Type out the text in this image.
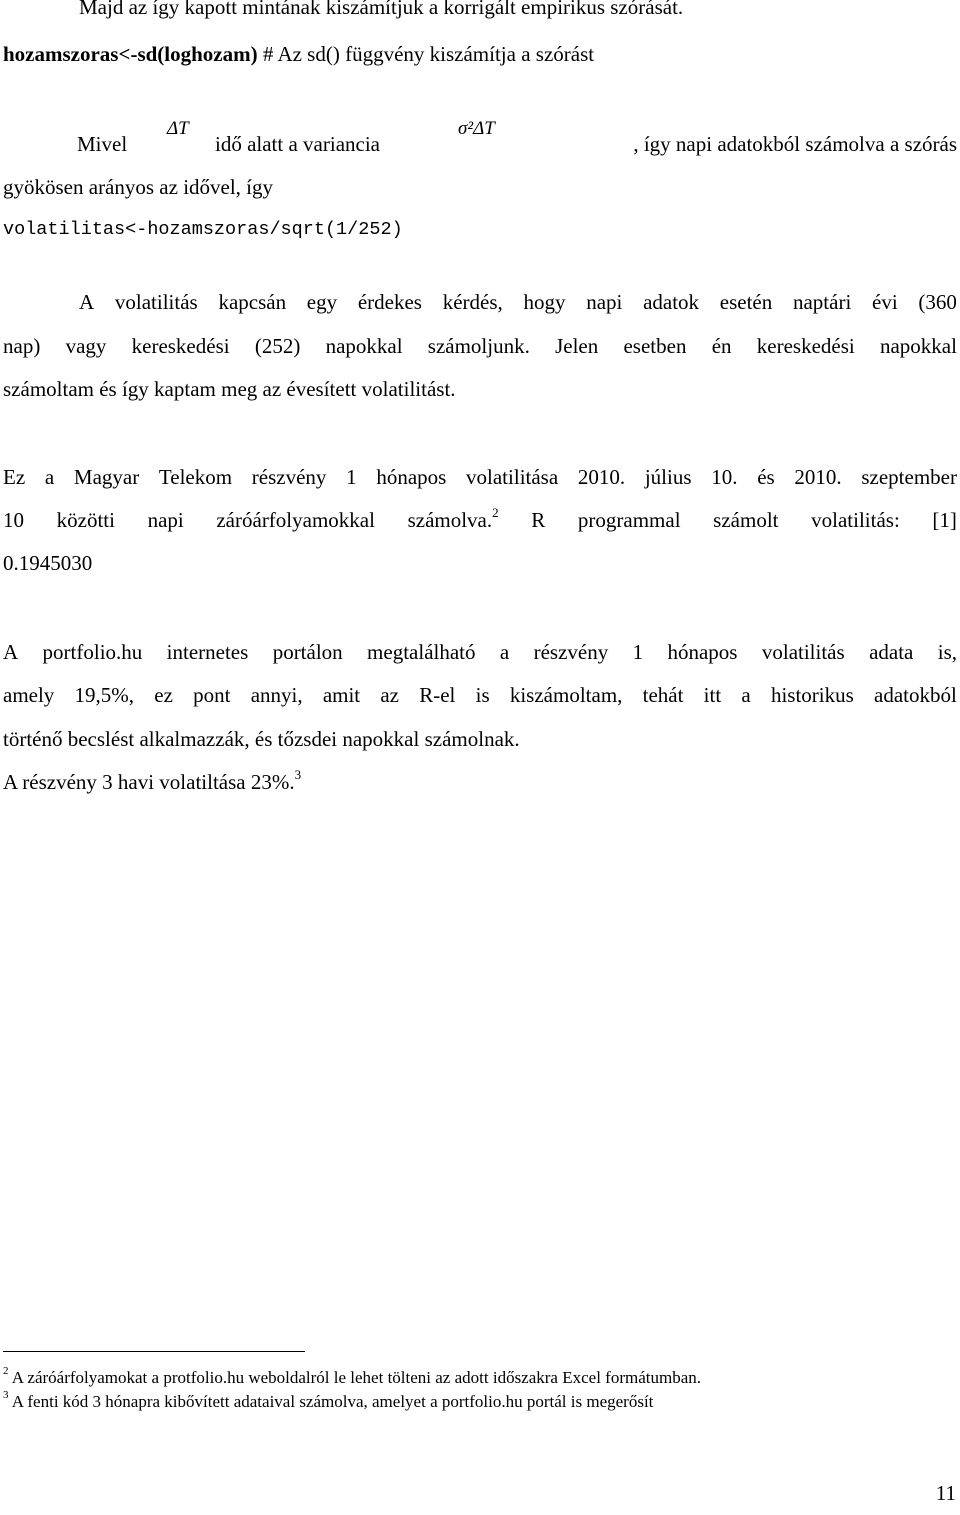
Majd az így kapott mintának kiszámítjuk a korrigált empirikus szórását.
hozamszoras<-sd(loghozam) # Az sd() függvény kiszámítja a szórást
Mivel
ΔT
idő alatt a variancia
σ²ΔT
, így napi adatokból számolva a szórás
gyökösen arányos az idővel, így
volatilitas<-hozamszoras/sqrt(1/252)
A volatilitás kapcsán egy érdekes kérdés, hogy napi adatok esetén naptári évi (360
nap) vagy kereskedési (252) napokkal számoljunk. Jelen esetben én kereskedési napokkal
számoltam és így kaptam meg az évesített volatilitást.
Ez a Magyar Telekom részvény 1 hónapos volatilitása 2010. július 10. és 2010. szeptember
10 közötti napi záróárfolyamokkal számolva.$^2$ R programmal számolt volatilitás: [1]
0.1945030
A portfolio.hu internetes portálon megtalálható a részvény 1 hónapos volatilitás adata is,
amely 19,5%, ez pont annyi, amit az R-el is kiszámoltam, tehát itt a historikus adatokból
történő becslést alkalmazzák, és tőzsdei napokkal számolnak.
A részvény 3 havi volatiltása 23%.$^3$
$^2$ A záróárfolyamokat a protfolio.hu weboldalról le lehet tölteni az adott időszakra Excel formátumban.
$^3$ A fenti kód 3 hónapra kibővített adataival számolva, amelyet a portfolio.hu portál is megerősít
11
